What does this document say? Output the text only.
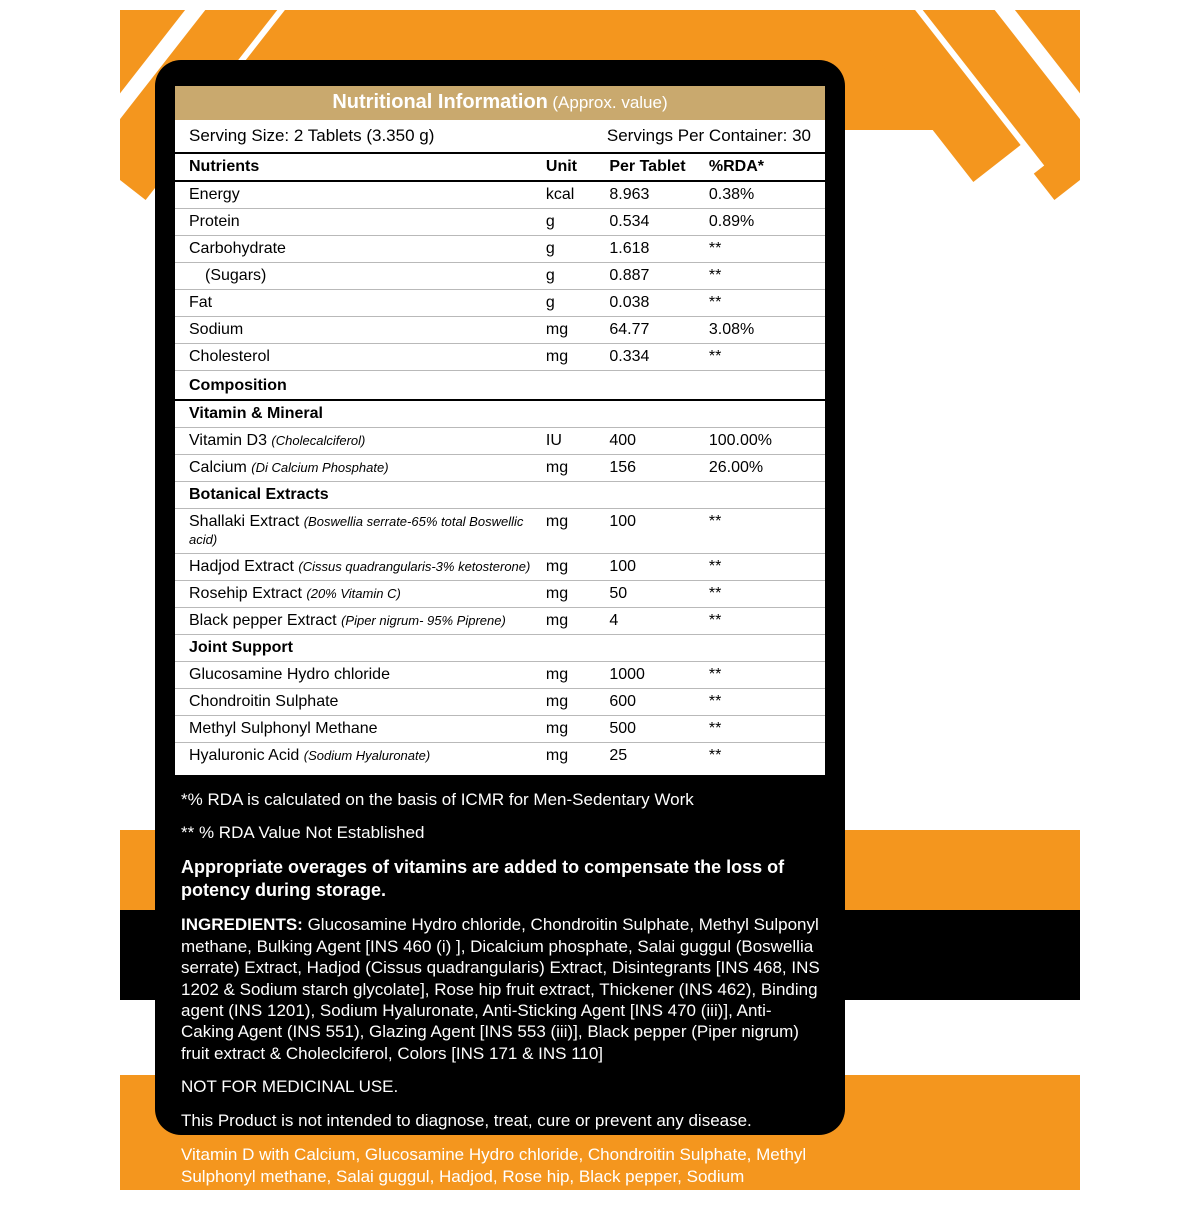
Nutritional Information (Approx. value)
Serving Size: 2 Tablets (3.350 g)	Servings Per Container: 30
Nutrients	Unit	Per Tablet	%RDA*
Energy	kcal	8.963	0.38%
Protein	g	0.534	0.89%
Carbohydrate	g	1.618	**
(Sugars)	g	0.887	**
Fat	g	0.038	**
Sodium	mg	64.77	3.08%
Cholesterol	mg	0.334	**
Composition			
Vitamin & Mineral			
Vitamin D3 (Cholecalciferol)	IU	400	100.00%
Calcium (Di Calcium Phosphate)	mg	156	26.00%
Botanical Extracts			
Shallaki Extract (Boswellia serrate-65% total Boswellic acid)	mg	100	**
Hadjod Extract (Cissus quadrangularis-3% ketosterone)	mg	100	**
Rosehip Extract (20% Vitamin C)	mg	50	**
Black pepper Extract (Piper nigrum- 95% Piprene)	mg	4	**
Joint Support			
Glucosamine Hydro chloride	mg	1000	**
Chondroitin Sulphate	mg	600	**
Methyl Sulphonyl Methane	mg	500	**
Hyaluronic Acid (Sodium Hyaluronate)	mg	25	**

*% RDA is calculated on the basis of ICMR for Men-Sedentary Work

** % RDA Value Not Established

Appropriate overages of vitamins are added to compensate the loss of potency during storage.

INGREDIENTS: Glucosamine Hydro chloride, Chondroitin Sulphate, Methyl Sulponyl methane, Bulking Agent [INS 460 (i) ], Dicalcium phosphate, Salai guggul (Boswellia serrate) Extract, Hadjod (Cissus quadrangularis) Extract, Disintegrants [INS 468, INS 1202 & Sodium starch glycolate], Rose hip fruit extract, Thickener (INS 462), Binding agent (INS 1201), Sodium Hyaluronate, Anti-Sticking Agent [INS 470 (iii)], Anti-Caking Agent (INS 551), Glazing Agent [INS 553 (iii)], Black pepper (Piper nigrum) fruit extract & Choleclciferol, Colors [INS 171 & INS 110]

NOT FOR MEDICINAL USE.

This Product is not intended to diagnose, treat, cure or prevent any disease.

Vitamin D with Calcium, Glucosamine Hydro chloride, Chondroitin Sulphate, Methyl Sulphonyl methane, Salai guggul, Hadjod, Rose hip, Black pepper, Sodium Hyaluronate Tablets
